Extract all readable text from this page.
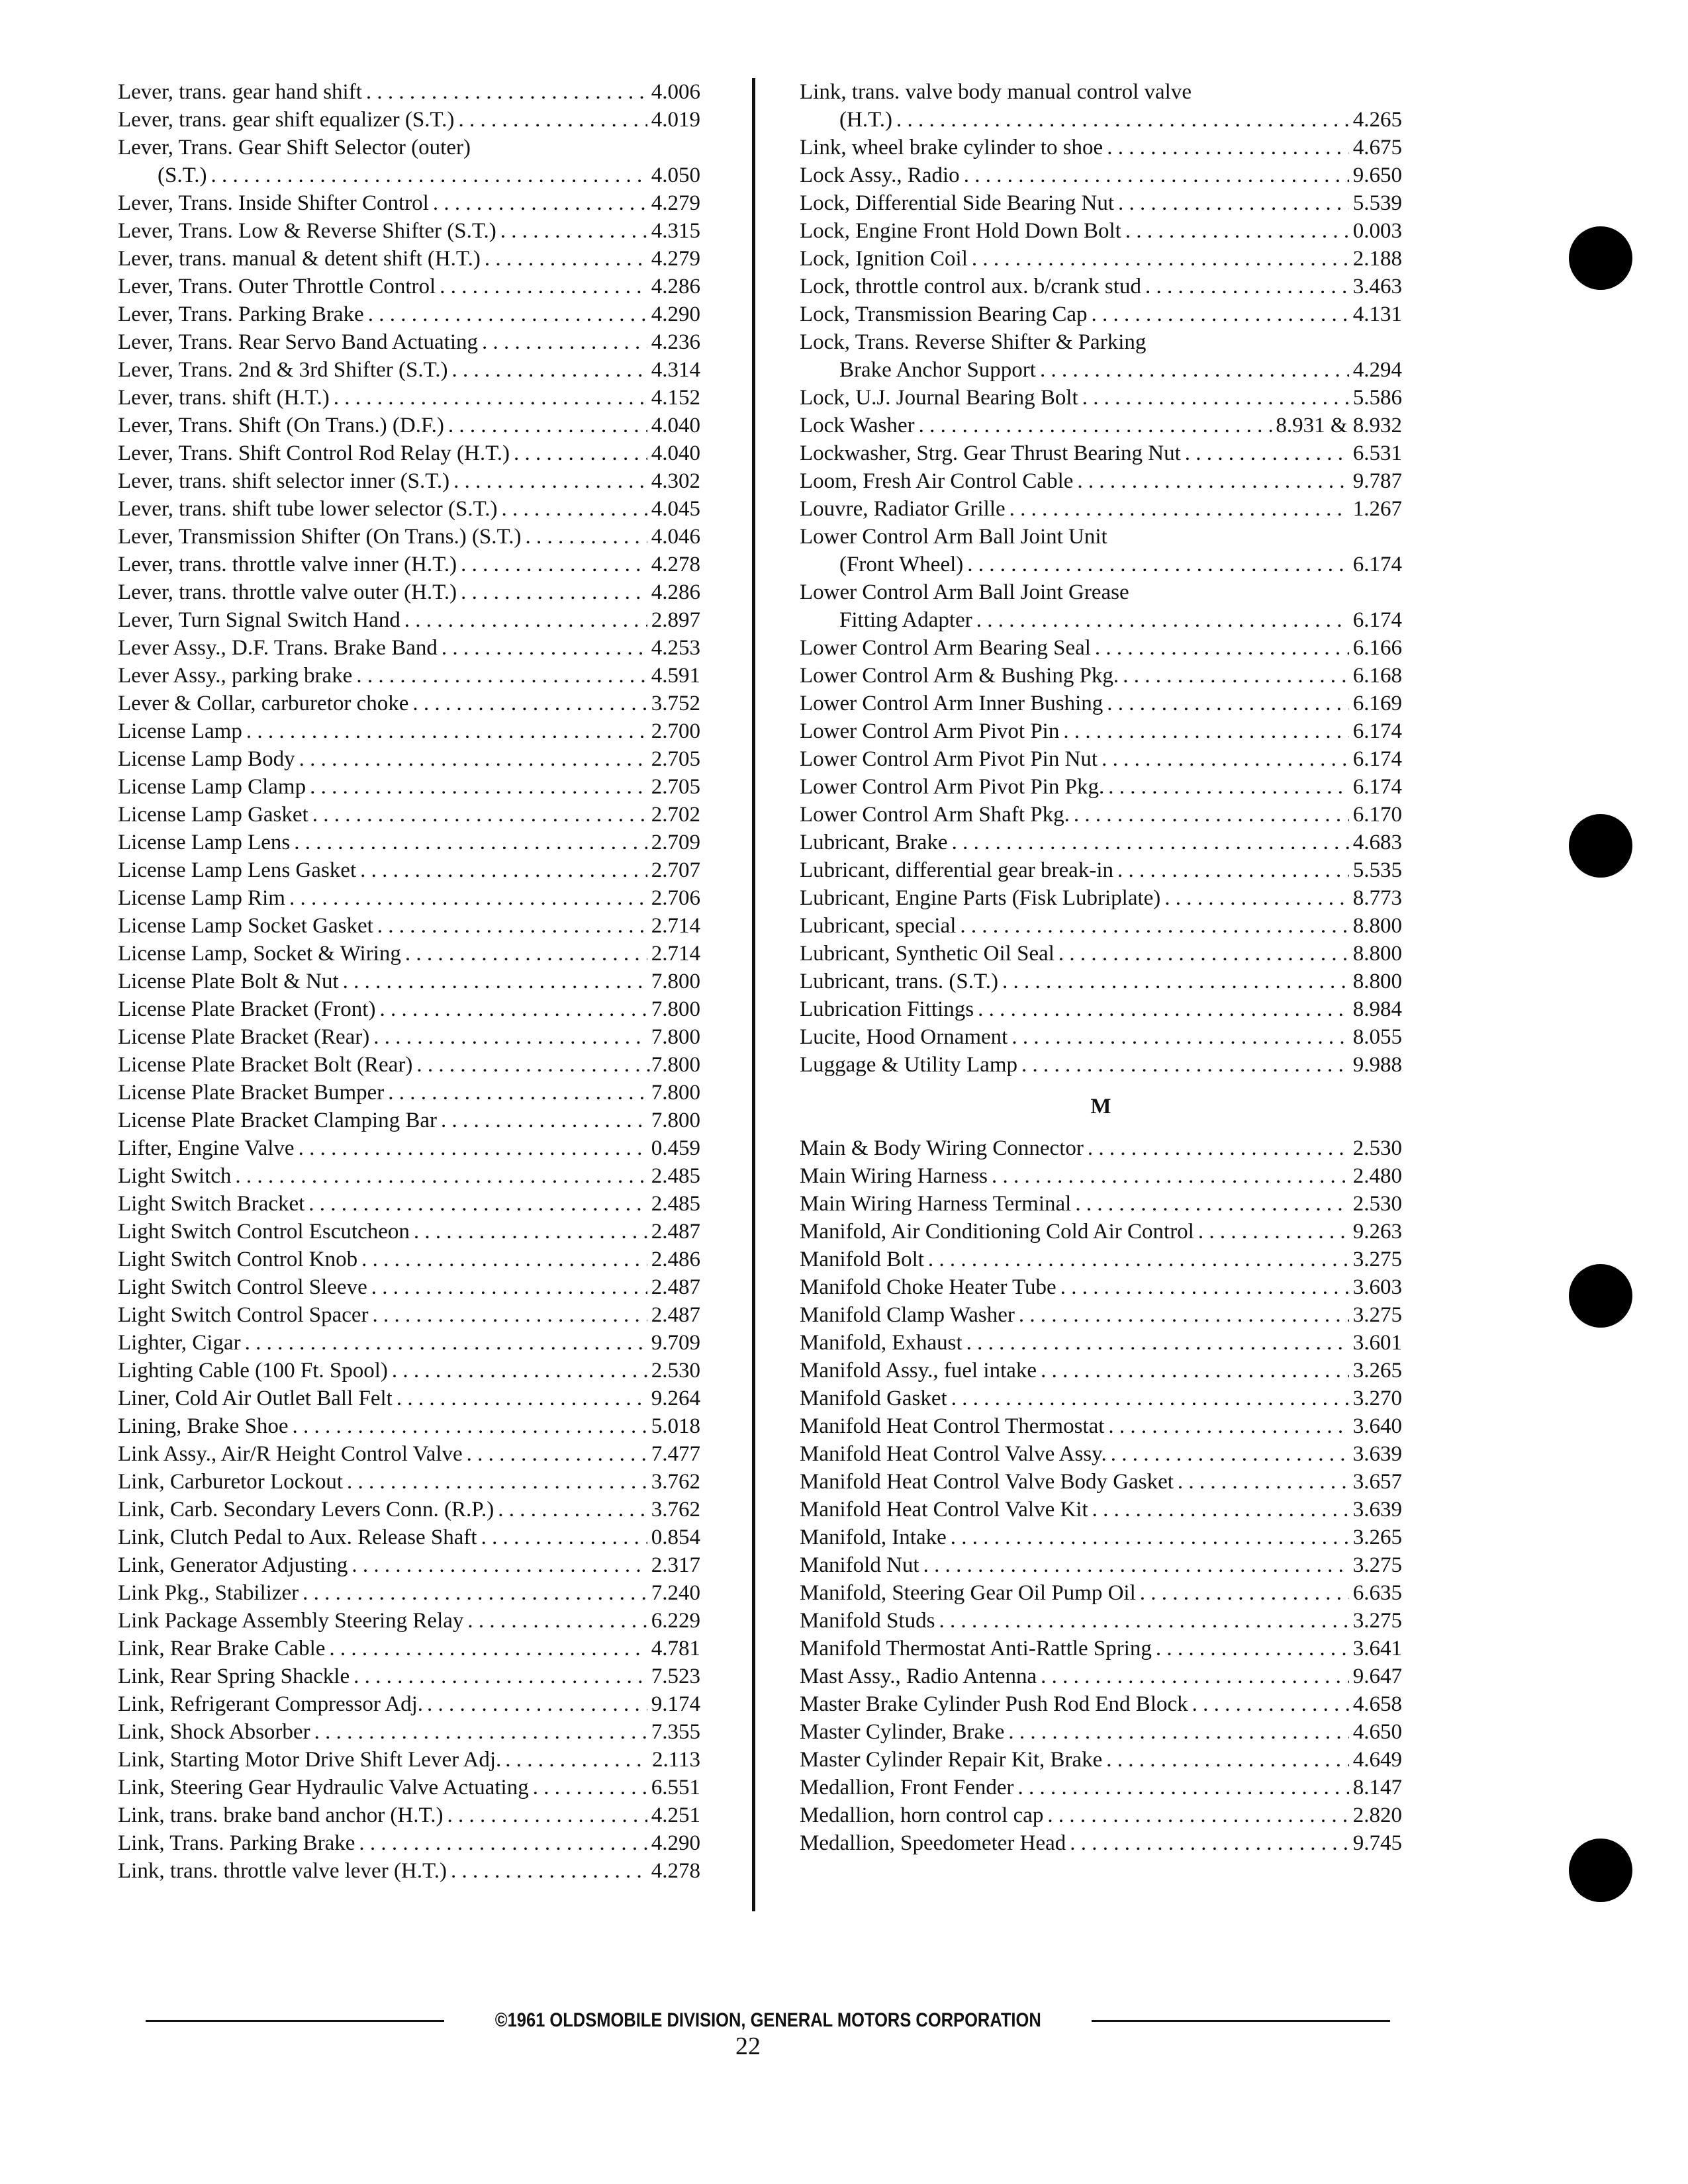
Lever, trans. gear hand shift . . .	4.006
Lever, trans. gear shift equalizer (S.T.) . . .	4.019
Lever, Trans. Gear Shift Selector (outer)
(S.T.) . . .	4.050
Lever, Trans. Inside Shifter Control . . .	4.279
Lever, Trans. Low & Reverse Shifter (S.T.) . . .	4.315
Lever, trans. manual & detent shift (H.T.) . . .	4.279
Lever, Trans. Outer Throttle Control . . .	4.286
Lever, Trans. Parking Brake . . .	4.290
Lever, Trans. Rear Servo Band Actuating . . .	4.236
Lever, Trans. 2nd & 3rd Shifter (S.T.) . . .	4.314
Lever, trans. shift (H.T.) . . .	4.152
Lever, Trans. Shift (On Trans.) (D.F.) . . .	4.040
Lever, Trans. Shift Control Rod Relay (H.T.) . . .	4.040
Lever, trans. shift selector inner (S.T.) . . .	4.302
Lever, trans. shift tube lower selector (S.T.) . . .	4.045
Lever, Transmission Shifter (On Trans.) (S.T.) . . .	4.046
Lever, trans. throttle valve inner (H.T.) . . .	4.278
Lever, trans. throttle valve outer (H.T.) . . .	4.286
Lever, Turn Signal Switch Hand . . .	2.897
Lever Assy., D.F. Trans. Brake Band . . .	4.253
Lever Assy., parking brake . . .	4.591
Lever & Collar, carburetor choke . . .	3.752
License Lamp . . .	2.700
License Lamp Body . . .	2.705
License Lamp Clamp . . .	2.705
License Lamp Gasket . . .	2.702
License Lamp Lens . . .	2.709
License Lamp Lens Gasket . . .	2.707
License Lamp Rim . . .	2.706
License Lamp Socket Gasket . . .	2.714
License Lamp, Socket & Wiring . . .	2.714
License Plate Bolt & Nut . . .	7.800
License Plate Bracket (Front) . . .	7.800
License Plate Bracket (Rear) . . .	7.800
License Plate Bracket Bolt (Rear) . . .	.7.800
License Plate Bracket Bumper . . .	7.800
License Plate Bracket Clamping Bar . . .	7.800
Lifter, Engine Valve . . .	0.459
Light Switch . . .	2.485
Light Switch Bracket . . .	2.485
Light Switch Control Escutcheon . . .	2.487
Light Switch Control Knob . . .	2.486
Light Switch Control Sleeve . . .	2.487
Light Switch Control Spacer . . .	2.487
Lighter, Cigar . . .	9.709
Lighting Cable (100 Ft. Spool) . . .	2.530
Liner, Cold Air Outlet Ball Felt . . .	9.264
Lining, Brake Shoe . . .	5.018
Link Assy., Air/R Height Control Valve . . .	7.477
Link, Carburetor Lockout . . .	3.762
Link, Carb. Secondary Levers Conn. (R.P.) . . .	3.762
Link, Clutch Pedal to Aux. Release Shaft . . .	0.854
Link, Generator Adjusting . . .	2.317
Link Pkg., Stabilizer . . .	7.240
Link Package Assembly Steering Relay . . .	6.229
Link, Rear Brake Cable . . .	4.781
Link, Rear Spring Shackle . . .	7.523
Link, Refrigerant Compressor Adj. . . .	9.174
Link, Shock Absorber . . .	7.355
Link, Starting Motor Drive Shift Lever Adj. . . .	2.113
Link, Steering Gear Hydraulic Valve Actuating . . .	6.551
Link, trans. brake band anchor (H.T.) . . .	4.251
Link, Trans. Parking Brake . . .	4.290
Link, trans. throttle valve lever (H.T.) . . .	4.278
Link, trans. valve body manual control valve
(H.T.) . . .	4.265
Link, wheel brake cylinder to shoe . . .	4.675
Lock Assy., Radio . . .	9.650
Lock, Differential Side Bearing Nut . . .	5.539
Lock, Engine Front Hold Down Bolt . . .	0.003
Lock, Ignition Coil . . .	2.188
Lock, throttle control aux. b/crank stud . . .	3.463
Lock, Transmission Bearing Cap . . .	4.131
Lock, Trans. Reverse Shifter & Parking
Brake Anchor Support . . .	4.294
Lock, U.J. Journal Bearing Bolt . . .	5.586
Lock Washer . . .	8.931 & 8.932
Lockwasher, Strg. Gear Thrust Bearing Nut . . .	6.531
Loom, Fresh Air Control Cable . . .	9.787
Louvre, Radiator Grille . . .	1.267
Lower Control Arm Ball Joint Unit
(Front Wheel) . . .	6.174
Lower Control Arm Ball Joint Grease
Fitting Adapter . . .	6.174
Lower Control Arm Bearing Seal . . .	6.166
Lower Control Arm & Bushing Pkg. . . .	6.168
Lower Control Arm Inner Bushing . . .	6.169
Lower Control Arm Pivot Pin . . .	6.174
Lower Control Arm Pivot Pin Nut . . .	6.174
Lower Control Arm Pivot Pin Pkg. . . .	6.174
Lower Control Arm Shaft Pkg. . . .	6.170
Lubricant, Brake . . .	4.683
Lubricant, differential gear break-in . . .	5.535
Lubricant, Engine Parts (Fisk Lubriplate) . . .	8.773
Lubricant, special . . .	8.800
Lubricant, Synthetic Oil Seal . . .	8.800
Lubricant, trans. (S.T.) . . .	8.800
Lubrication Fittings . . .	8.984
Lucite, Hood Ornament . . .	8.055
Luggage & Utility Lamp . . .	9.988
M
Main & Body Wiring Connector . . .	2.530
Main Wiring Harness . . .	2.480
Main Wiring Harness Terminal . . .	2.530
Manifold, Air Conditioning Cold Air Control . . .	9.263
Manifold Bolt . . .	3.275
Manifold Choke Heater Tube . . .	3.603
Manifold Clamp Washer . . .	3.275
Manifold, Exhaust . . .	3.601
Manifold Assy., fuel intake . . .	3.265
Manifold Gasket . . .	3.270
Manifold Heat Control Thermostat . . .	3.640
Manifold Heat Control Valve Assy. . . .	3.639
Manifold Heat Control Valve Body Gasket . . .	3.657
Manifold Heat Control Valve Kit . . .	3.639
Manifold, Intake . . .	3.265
Manifold Nut . . .	3.275
Manifold, Steering Gear Oil Pump Oil . . .	6.635
Manifold Studs . . .	3.275
Manifold Thermostat Anti-Rattle Spring . . .	3.641
Mast Assy., Radio Antenna . . .	9.647
Master Brake Cylinder Push Rod End Block . . .	4.658
Master Cylinder, Brake . . .	4.650
Master Cylinder Repair Kit, Brake . . .	4.649
Medallion, Front Fender . . .	8.147
Medallion, horn control cap . . .	2.820
Medallion, Speedometer Head . . .	9.745
©1961 OLDSMOBILE DIVISION, GENERAL MOTORS CORPORATION
22
